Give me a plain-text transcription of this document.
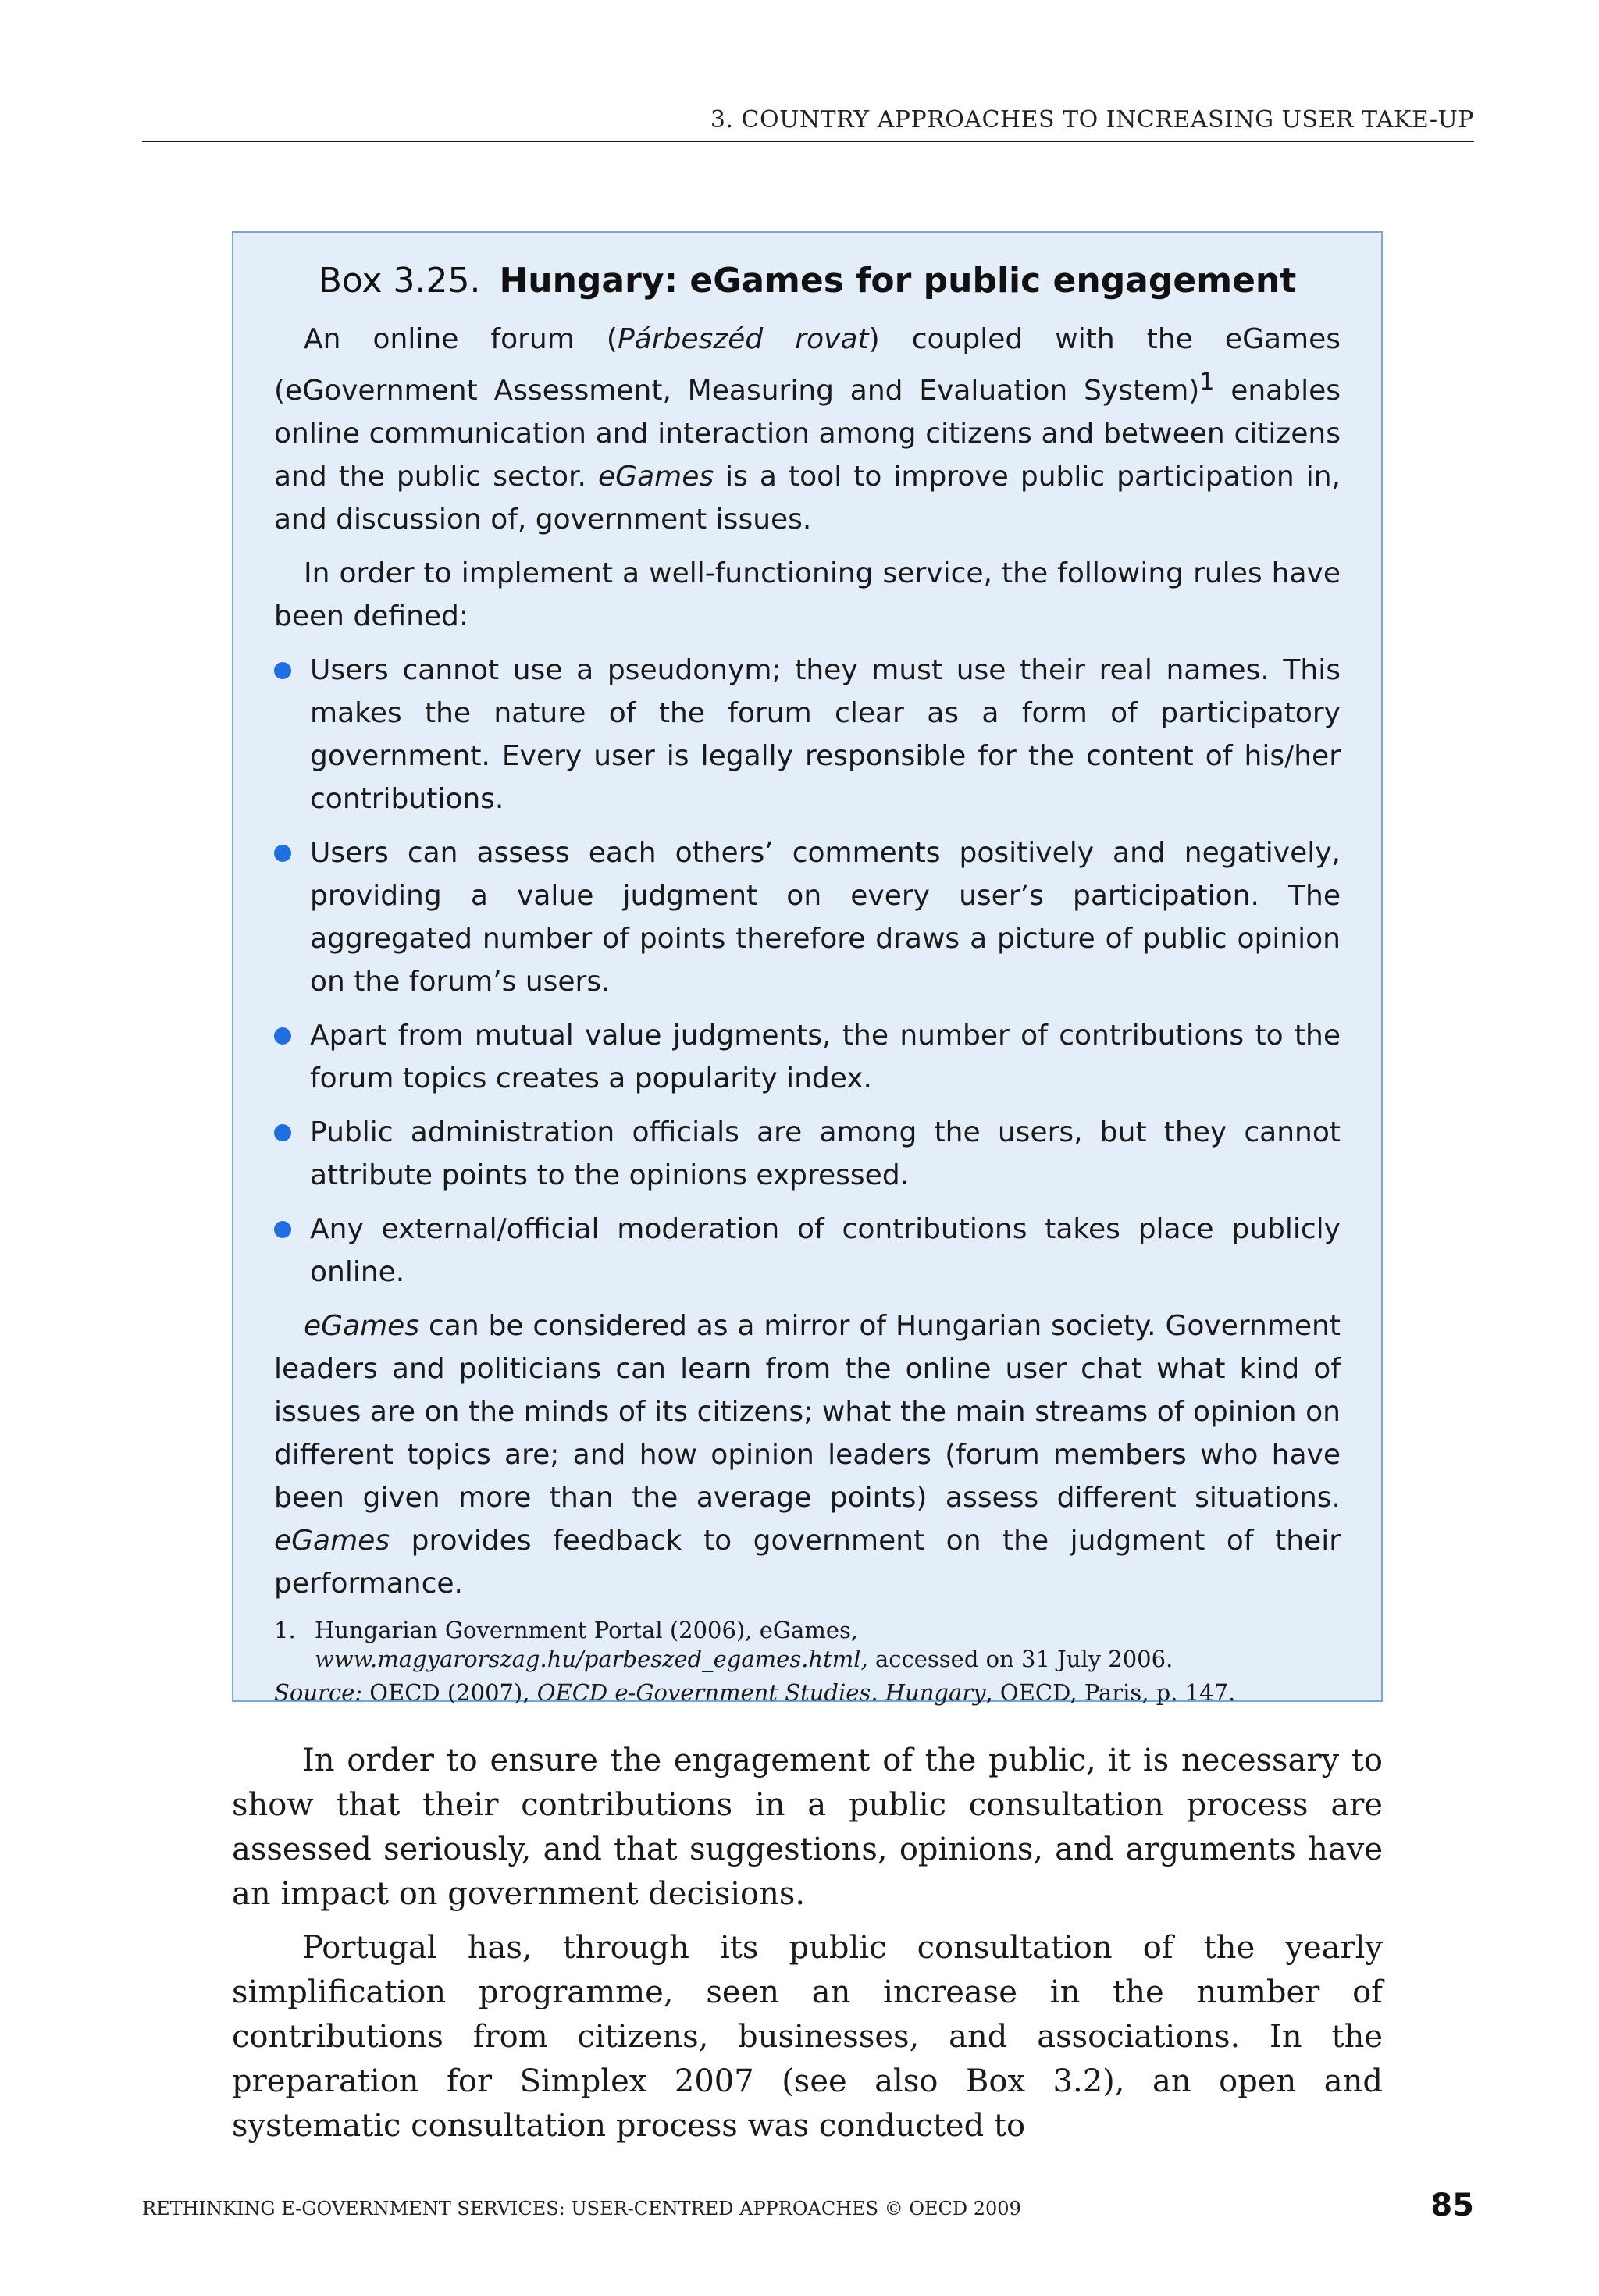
3. COUNTRY APPROACHES TO INCREASING USER TAKE-UP
Box 3.25. Hungary: eGames for public engagement

An online forum (Párbeszéd rovat) coupled with the eGames (eGovernment Assessment, Measuring and Evaluation System)$^1$ enables online communication and interaction among citizens and between citizens and the public sector. eGames is a tool to improve public participation in, and discussion of, government issues.

In order to implement a well-functioning service, the following rules have been defined:

Users cannot use a pseudonym; they must use their real names. This makes the nature of the forum clear as a form of participatory government. Every user is legally responsible for the content of his/her contributions.
Users can assess each others’ comments positively and negatively, providing a value judgment on every user’s participation. The aggregated number of points therefore draws a picture of public opinion on the forum’s users.
Apart from mutual value judgments, the number of contributions to the forum topics creates a popularity index.
Public administration officials are among the users, but they cannot attribute points to the opinions expressed.
Any external/official moderation of contributions takes place publicly online.

eGames can be considered as a mirror of Hungarian society. Government leaders and politicians can learn from the online user chat what kind of issues are on the minds of its citizens; what the main streams of opinion on different topics are; and how opinion leaders (forum members who have been given more than the average points) assess different situations. eGames provides feedback to government on the judgment of their performance.

1. Hungarian Government Portal (2006), eGames, www.magyarorszag.hu/parbeszed_egames.html, accessed on 31 July 2006.
Source: OECD (2007), OECD e-Government Studies. Hungary, OECD, Paris, p. 147.

In order to ensure the engagement of the public, it is necessary to show that their contributions in a public consultation process are assessed seriously, and that suggestions, opinions, and arguments have an impact on government decisions.

Portugal has, through its public consultation of the yearly simplification programme, seen an increase in the number of contributions from citizens, businesses, and associations. In the preparation for Simplex 2007 (see also Box 3.2), an open and systematic consultation process was conducted to

RETHINKING E-GOVERNMENT SERVICES: USER-CENTRED APPROACHES © OECD 2009	85
